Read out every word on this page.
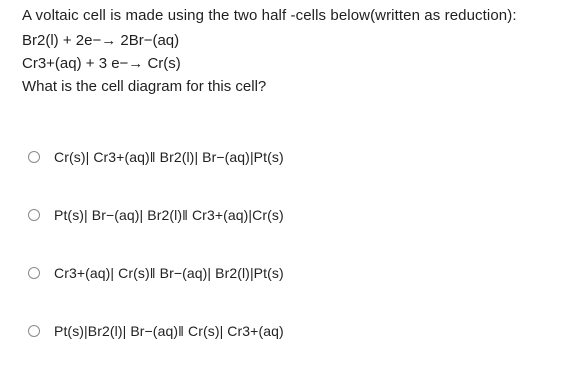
A voltaic cell is made using the two half -cells below(written as reduction):

Br2(l) + 2e−→ 2Br−(aq)

Cr3+(aq) + 3 e−→ Cr(s)

What is the cell diagram for this cell?

Cr(s)| Cr3+(aq)‖ Br2(l)| Br−(aq)|Pt(s)
Pt(s)| Br−(aq)| Br2(l)‖ Cr3+(aq)|Cr(s)
Cr3+(aq)| Cr(s)‖ Br−(aq)| Br2(l)|Pt(s)
Pt(s)|Br2(l)| Br−(aq)‖ Cr(s)| Cr3+(aq)
